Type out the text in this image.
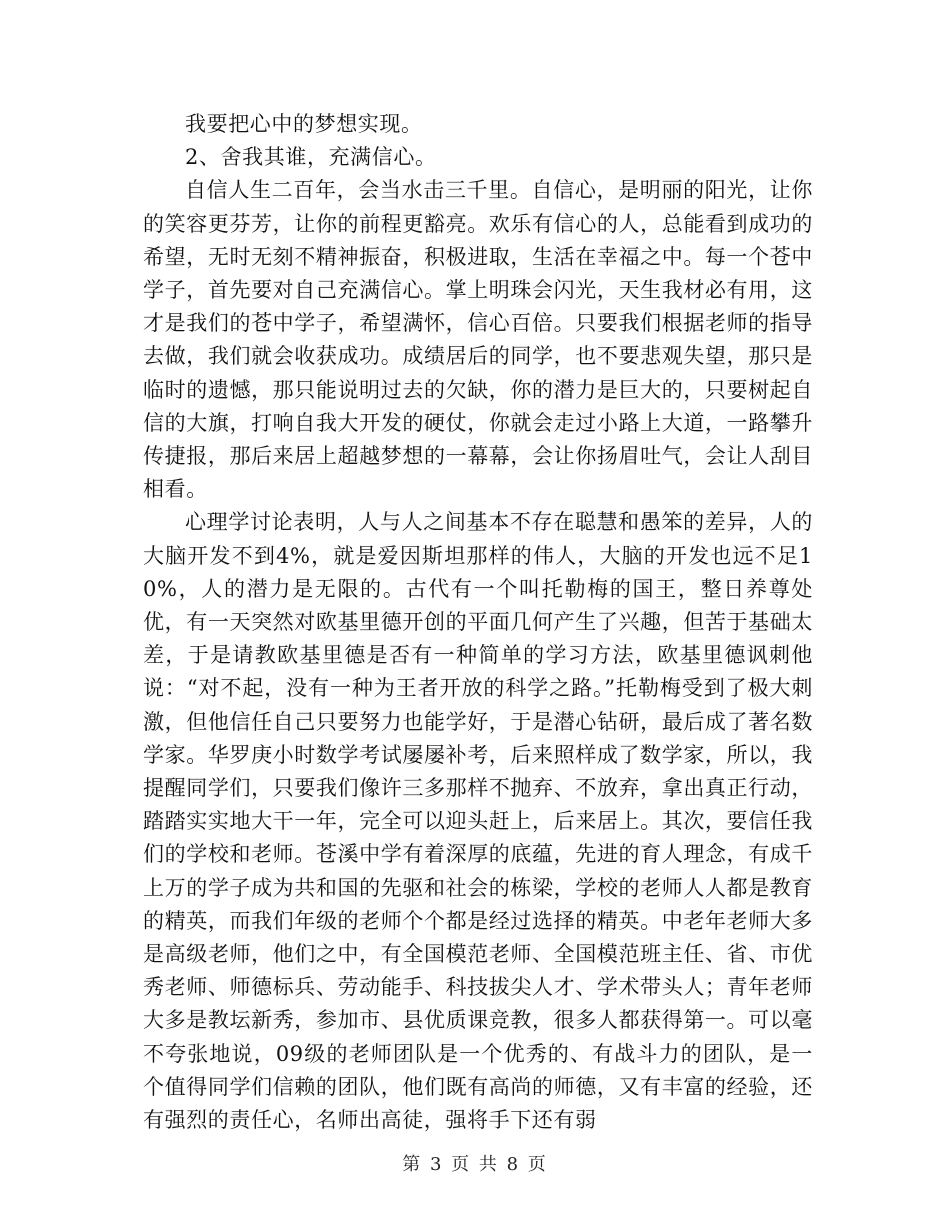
我要把心中的梦想实现。

2、舍我其谁，充满信心。

自信人生二百年，会当水击三千里。自信心，是明丽的阳光，让你的笑容更芬芳，让你的前程更豁亮。欢乐有信心的人，总能看到成功的希望，无时无刻不精神振奋，积极进取，生活在幸福之中。每一个苍中学子，首先要对自己充满信心。掌上明珠会闪光，天生我材必有用，这才是我们的苍中学子，希望满怀，信心百倍。只要我们根据老师的指导去做，我们就会收获成功。成绩居后的同学，也不要悲观失望，那只是临时的遗憾，那只能说明过去的欠缺，你的潜力是巨大的，只要树起自信的大旗，打响自我大开发的硬仗，你就会走过小路上大道，一路攀升传捷报，那后来居上超越梦想的一幕幕，会让你扬眉吐气，会让人刮目相看。

心理学讨论表明，人与人之间基本不存在聪慧和愚笨的差异，人的大脑开发不到4%，就是爱因斯坦那样的伟人，大脑的开发也远不足10%，人的潜力是无限的。古代有一个叫托勒梅的国王，整日养尊处优，有一天突然对欧基里德开创的平面几何产生了兴趣，但苦于基础太差，于是请教欧基里德是否有一种简单的学习方法，欧基里德讽刺他说：“对不起，没有一种为王者开放的科学之路。”托勒梅受到了极大刺激，但他信任自己只要努力也能学好，于是潜心钻研，最后成了著名数学家。华罗庚小时数学考试屡屡补考，后来照样成了数学家，所以，我提醒同学们，只要我们像许三多那样不抛弃、不放弃，拿出真正行动，踏踏实实地大干一年，完全可以迎头赶上，后来居上。其次，要信任我们的学校和老师。苍溪中学有着深厚的底蕴，先进的育人理念，有成千上万的学子成为共和国的先驱和社会的栋梁，学校的老师人人都是教育的精英，而我们年级的老师个个都是经过选择的精英。中老年老师大多是高级老师，他们之中，有全国模范老师、全国模范班主任、省、市优秀老师、师德标兵、劳动能手、科技拔尖人才、学术带头人；青年老师大多是教坛新秀，参加市、县优质课竞教，很多人都获得第一。可以毫不夸张地说，09级的老师团队是一个优秀的、有战斗力的团队，是一个值得同学们信赖的团队，他们既有高尚的师德，又有丰富的经验，还有强烈的责任心，名师出高徒，强将手下还有弱

第 3 页 共 8 页
